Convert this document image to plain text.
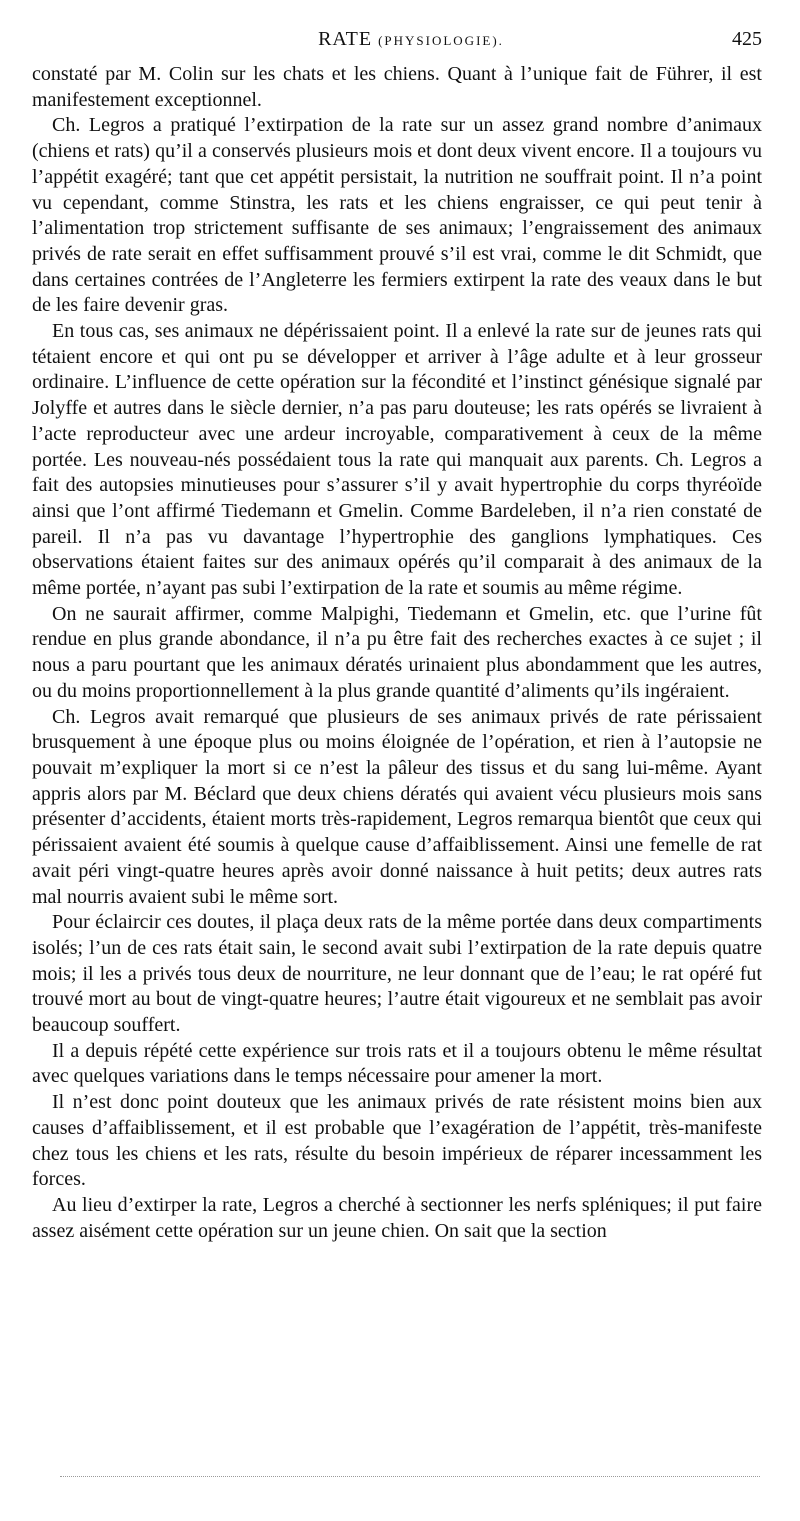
RATE (PHYSIOLOGIE).	425

constaté par M. Colin sur les chats et les chiens. Quant à l’unique fait de Führer, il est manifestement exceptionnel.

Ch. Legros a pratiqué l’extirpation de la rate sur un assez grand nombre d’animaux (chiens et rats) qu’il a conservés plusieurs mois et dont deux vivent encore. Il a toujours vu l’appétit exagéré; tant que cet appétit persistait, la nutrition ne souffrait point. Il n’a point vu cependant, comme Stinstra, les rats et les chiens engraisser, ce qui peut tenir à l’alimentation trop strictement suffisante de ses animaux; l’engraissement des animaux privés de rate serait en effet suffisamment prouvé s’il est vrai, comme le dit Schmidt, que dans certaines contrées de l’Angleterre les fermiers extirpent la rate des veaux dans le but de les faire devenir gras.

En tous cas, ses animaux ne dépérissaient point. Il a enlevé la rate sur de jeunes rats qui tétaient encore et qui ont pu se développer et arriver à l’âge adulte et à leur grosseur ordinaire. L’influence de cette opération sur la fécondité et l’instinct génésique signalé par Jolyffe et autres dans le siècle dernier, n’a pas paru douteuse; les rats opérés se livraient à l’acte reproducteur avec une ardeur incroyable, comparativement à ceux de la même portée. Les nouveau-nés possédaient tous la rate qui manquait aux parents. Ch. Legros a fait des autopsies minutieuses pour s’assurer s’il y avait hypertrophie du corps thyréoïde ainsi que l’ont affirmé Tiedemann et Gmelin. Comme Bardeleben, il n’a rien constaté de pareil. Il n’a pas vu davantage l’hypertrophie des ganglions lymphatiques. Ces observations étaient faites sur des animaux opérés qu’il comparait à des animaux de la même portée, n’ayant pas subi l’extirpation de la rate et soumis au même régime.

On ne saurait affirmer, comme Malpighi, Tiedemann et Gmelin, etc. que l’urine fût rendue en plus grande abondance, il n’a pu être fait des recherches exactes à ce sujet ; il nous a paru pourtant que les animaux dératés urinaient plus abondamment que les autres, ou du moins proportionnellement à la plus grande quantité d’aliments qu’ils ingéraient.

Ch. Legros avait remarqué que plusieurs de ses animaux privés de rate périssaient brusquement à une époque plus ou moins éloignée de l’opération, et rien à l’autopsie ne pouvait m’expliquer la mort si ce n’est la pâleur des tissus et du sang lui-même. Ayant appris alors par M. Béclard que deux chiens dératés qui avaient vécu plusieurs mois sans présenter d’accidents, étaient morts très-rapidement, Legros remarqua bientôt que ceux qui périssaient avaient été soumis à quelque cause d’affaiblissement. Ainsi une femelle de rat avait péri vingt-quatre heures après avoir donné naissance à huit petits; deux autres rats mal nourris avaient subi le même sort.

Pour éclaircir ces doutes, il plaça deux rats de la même portée dans deux compartiments isolés; l’un de ces rats était sain, le second avait subi l’extirpation de la rate depuis quatre mois; il les a privés tous deux de nourriture, ne leur donnant que de l’eau; le rat opéré fut trouvé mort au bout de vingt-quatre heures; l’autre était vigoureux et ne semblait pas avoir beaucoup souffert.

Il a depuis répété cette expérience sur trois rats et il a toujours obtenu le même résultat avec quelques variations dans le temps nécessaire pour amener la mort.

Il n’est donc point douteux que les animaux privés de rate résistent moins bien aux causes d’affaiblissement, et il est probable que l’exagération de l’appétit, très-manifeste chez tous les chiens et les rats, résulte du besoin impérieux de réparer incessamment les forces.

Au lieu d’extirper la rate, Legros a cherché à sectionner les nerfs spléniques; il put faire assez aisément cette opération sur un jeune chien. On sait que la section
